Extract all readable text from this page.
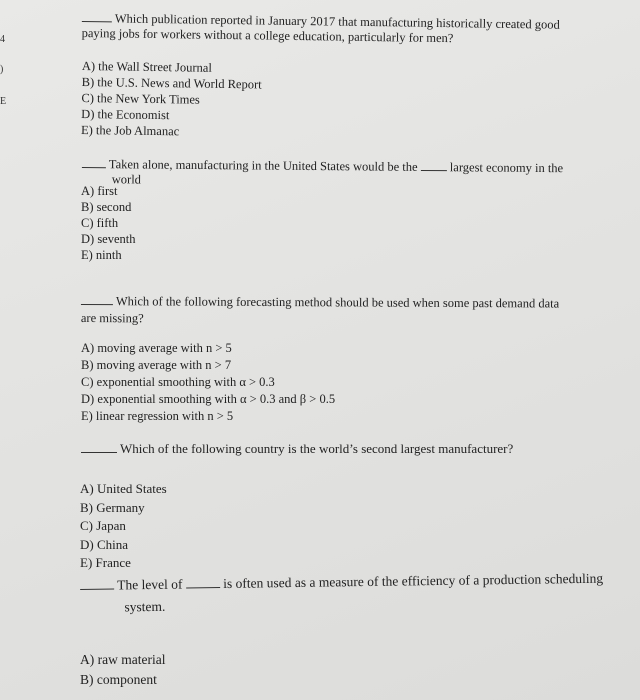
4
)
E
Which publication reported in January 2017 that manufacturing historically created good
paying jobs for workers without a college education, particularly for men?
A) the Wall Street Journal
B) the U.S. News and World Report
C) the New York Times
D) the Economist
E) the Job Almanac
Taken alone, manufacturing in the United States would be the	largest economy in the
world
A) first
B) second
C) fifth
D) seventh
E) ninth
Which of the following forecasting method should be used when some past demand data
are missing?
A) moving average with n > 5
B) moving average with n > 7
C) exponential smoothing with α > 0.3
D) exponential smoothing with α > 0.3 and β > 0.5
E) linear regression with n > 5
Which of the following country is the world’s second largest manufacturer?
A) United States
B) Germany
C) Japan
D) China
E) France
The level of	is often used as a measure of the efficiency of a production scheduling
system.
A) raw material
B) component
